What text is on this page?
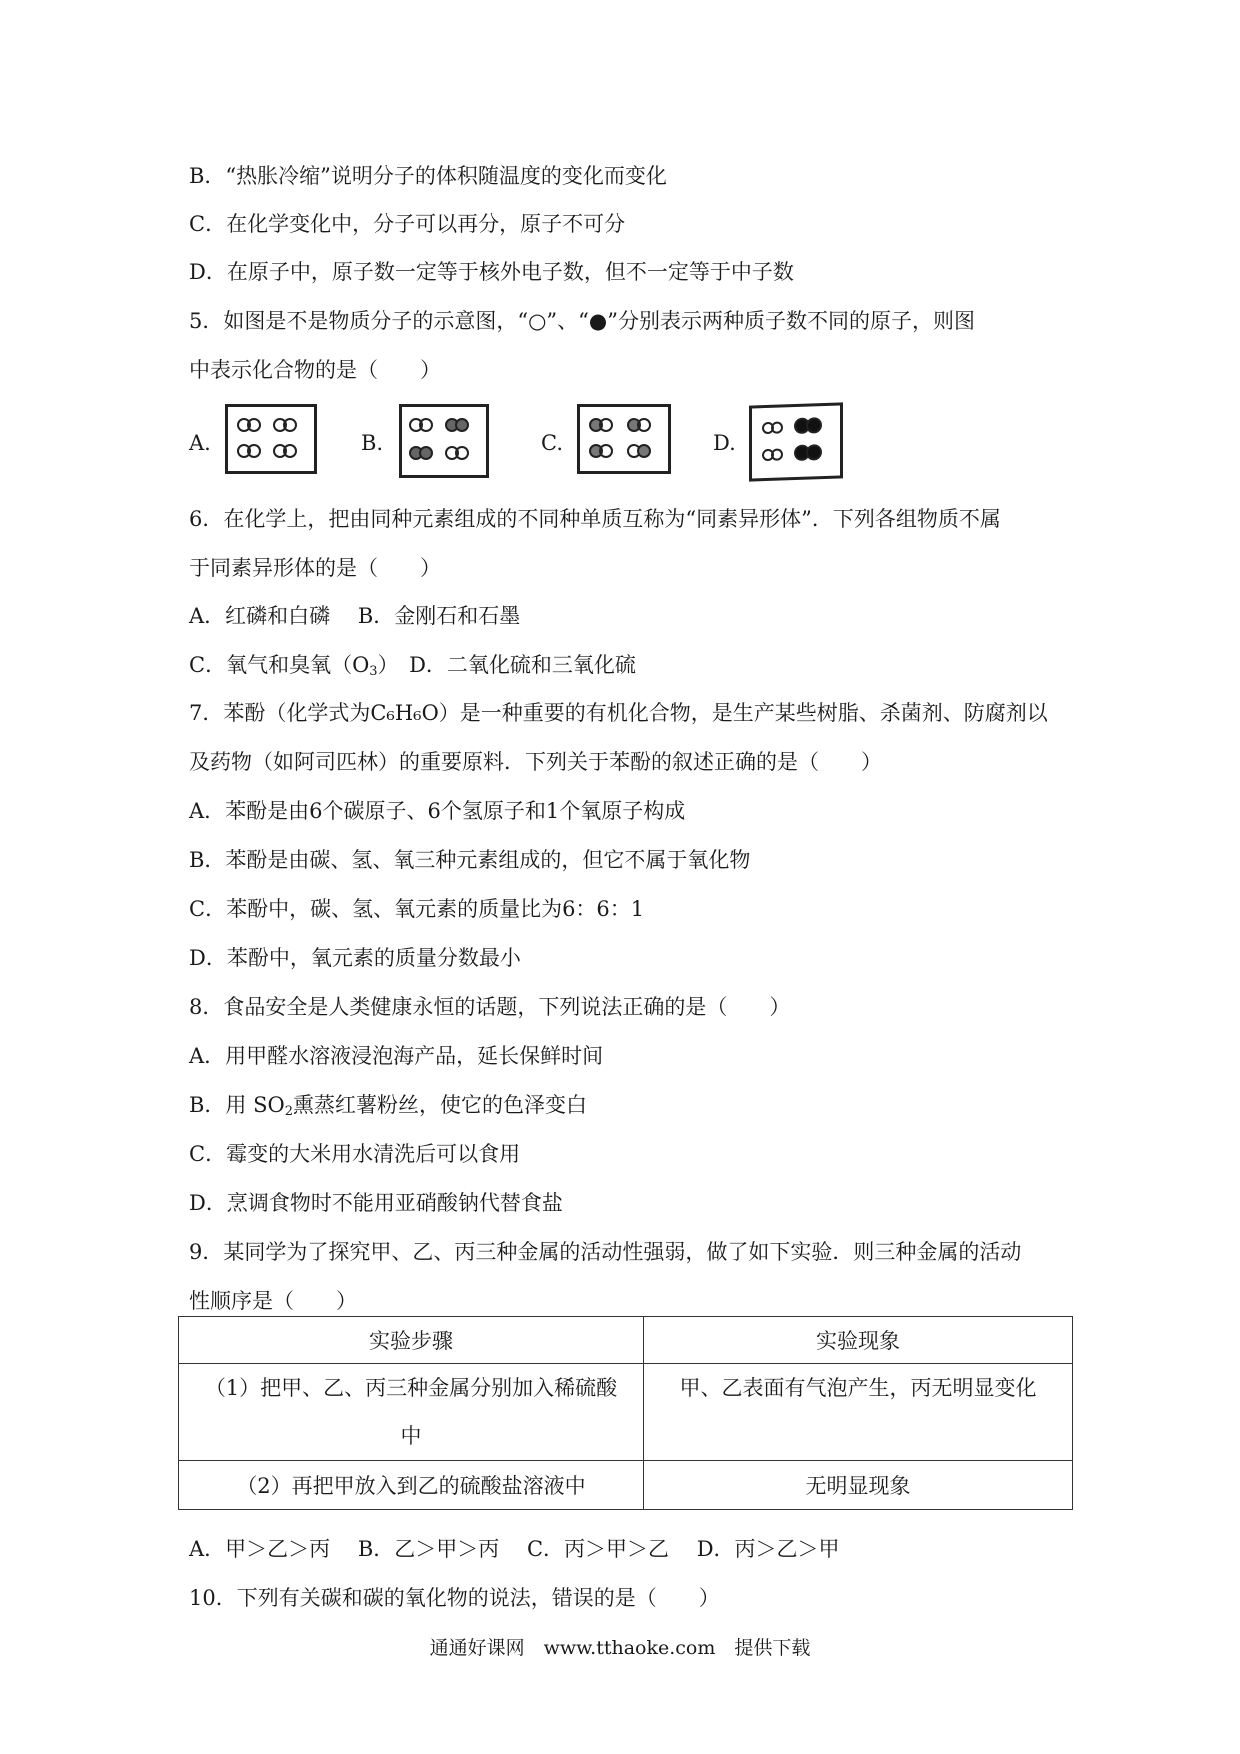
B．“热胀冷缩”说明分子的体积随温度的变化而变化
C．在化学变化中，分子可以再分，原子不可分
D．在原子中，原子数一定等于核外电子数，但不一定等于中子数
5．如图是不是物质分子的示意图，“○”、“●”分别表示两种质子数不同的原子，则图
中表示化合物的是（　　）
A.	B.	C.	D.
6．在化学上，把由同种元素组成的不同种单质互称为“同素异形体”．下列各组物质不属
于同素异形体的是（　　）
A．红磷和白磷　 B．金刚石和石墨
C．氧气和臭氧$(O_3)$　D．二氧化硫和三氧化硫
7．苯酚（化学式为C₆H₆O）是一种重要的有机化合物，是生产某些树脂、杀菌剂、防腐剂以
及药物（如阿司匹林）的重要原料．下列关于苯酚的叙述正确的是（　　）
A．苯酚是由6个碳原子、6个氢原子和1个氧原子构成
B．苯酚是由碳、氢、氧三种元素组成的，但它不属于氧化物
C．苯酚中，碳、氢、氧元素的质量比为6：6：1
D．苯酚中，氧元素的质量分数最小
8．食品安全是人类健康永恒的话题，下列说法正确的是（　　）
A．用甲醛水溶液浸泡海产品，延长保鲜时间
B．用 $SO_2$熏蒸红薯粉丝，使它的色泽变白
C．霉变的大米用水清洗后可以食用
D．烹调食物时不能用亚硝酸钠代替食盐
9．某同学为了探究甲、乙、丙三种金属的活动性强弱，做了如下实验．则三种金属的活动
性顺序是（　　）
实验步骤	实验现象
（1）把甲、乙、丙三种金属分别加入稀硫酸中	甲、乙表面有气泡产生，丙无明显变化
（2）再把甲放入到乙的硫酸盐溶液中	无明显现象
A．甲＞乙＞丙　 B．乙＞甲＞丙　 C．丙＞甲＞乙　 D．丙＞乙＞甲
10．下列有关碳和碳的氧化物的说法，错误的是（　　）
通通好课网　www.tthaoke.com　提供下载
